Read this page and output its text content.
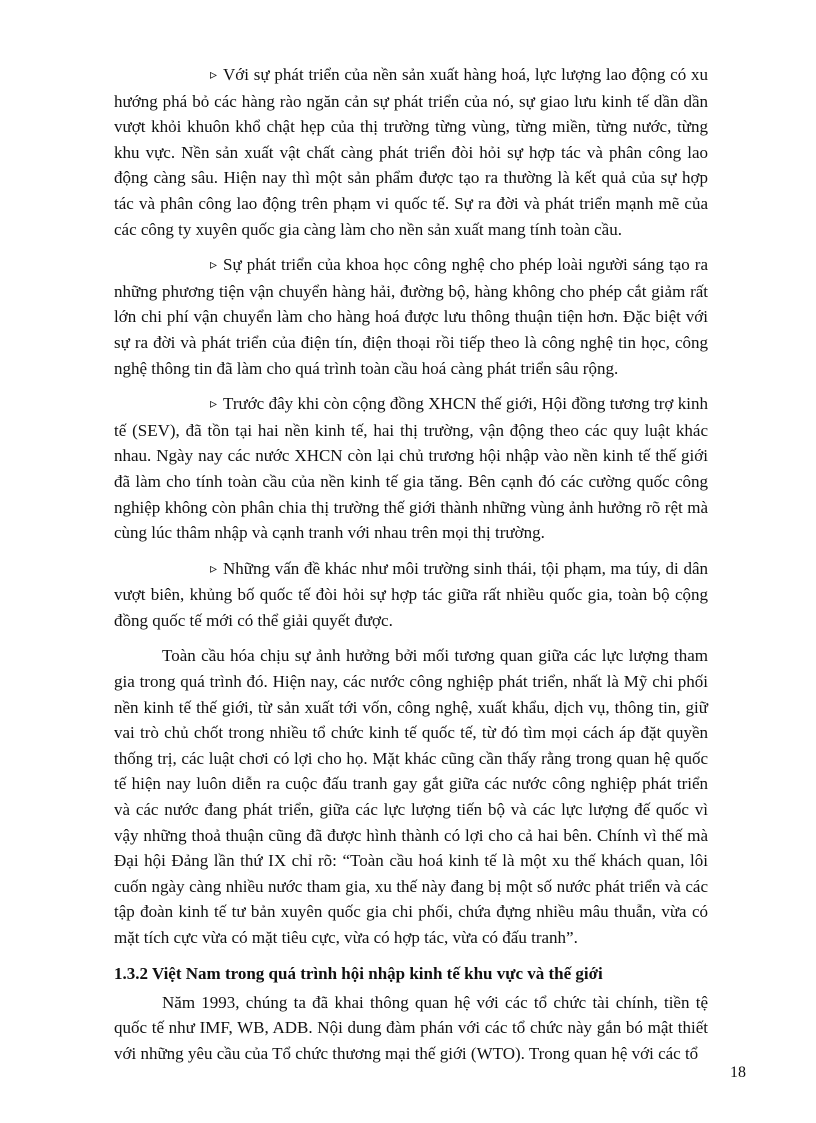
▹ Với sự phát triển của nền sản xuất hàng hoá, lực lượng lao động có xu hướng phá bỏ các hàng rào ngăn cản sự phát triển của nó, sự giao lưu kinh tế dần dần vượt khỏi khuôn khổ chật hẹp của thị trường từng vùng, từng miền, từng nước, từng khu vực. Nền sản xuất vật chất càng phát triển đòi hỏi sự hợp tác và phân công lao động càng sâu. Hiện nay thì một sản phẩm được tạo ra thường là kết quả của sự hợp tác và phân công lao động trên phạm vi quốc tế. Sự ra đời và phát triển mạnh mẽ của các công ty xuyên quốc gia càng làm cho nền sản xuất mang tính toàn cầu.

▹ Sự phát triển của khoa học công nghệ cho phép loài người sáng tạo ra những phương tiện vận chuyển hàng hải, đường bộ, hàng không cho phép cắt giảm rất lớn chi phí vận chuyển làm cho hàng hoá được lưu thông thuận tiện hơn. Đặc biệt với sự ra đời và phát triển của điện tín, điện thoại rồi tiếp theo là công nghệ tin học, công nghệ thông tin đã làm cho quá trình toàn cầu hoá càng phát triển sâu rộng.

▹ Trước đây khi còn cộng đồng XHCN thế giới, Hội đồng tương trợ kinh tế (SEV), đã tồn tại hai nền kinh tế, hai thị trường, vận động theo các quy luật khác nhau. Ngày nay các nước XHCN còn lại chủ trương hội nhập vào nền kinh tế thế giới đã làm cho tính toàn cầu của nền kinh tế gia tăng. Bên cạnh đó các cường quốc công nghiệp không còn phân chia thị trường thế giới thành những vùng ảnh hưởng rõ rệt mà cùng lúc thâm nhập và cạnh tranh với nhau trên mọi thị trường.

▹ Những vấn đề khác như môi trường sinh thái, tội phạm, ma túy, di dân vượt biên, khủng bố quốc tế đòi hỏi sự hợp tác giữa rất nhiều quốc gia, toàn bộ cộng đồng quốc tế mới có thể giải quyết được.

Toàn cầu hóa chịu sự ảnh hưởng bởi mối tương quan giữa các lực lượng tham gia trong quá trình đó. Hiện nay, các nước công nghiệp phát triển, nhất là Mỹ chi phối nền kinh tế thế giới, từ sản xuất tới vốn, công nghệ, xuất khẩu, dịch vụ, thông tin, giữ vai trò chủ chốt trong nhiều tổ chức kinh tế quốc tế, từ đó tìm mọi cách áp đặt quyền thống trị, các luật chơi có lợi cho họ. Mặt khác cũng cần thấy rằng trong quan hệ quốc tế hiện nay luôn diễn ra cuộc đấu tranh gay gắt giữa các nước công nghiệp phát triển và các nước đang phát triển, giữa các lực lượng tiến bộ và các lực lượng đế quốc vì vậy những thoả thuận cũng đã được hình thành có lợi cho cả hai bên. Chính vì thế mà Đại hội Đảng lần thứ IX chỉ rõ: “Toàn cầu hoá kinh tế là một xu thế khách quan, lôi cuốn ngày càng nhiều nước tham gia, xu thế này đang bị một số nước phát triển và các tập đoàn kinh tế tư bản xuyên quốc gia chi phối, chứa đựng nhiều mâu thuẫn, vừa có mặt tích cực vừa có mặt tiêu cực, vừa có hợp tác, vừa có đấu tranh”.

1.3.2 Việt Nam trong quá trình hội nhập kinh tế khu vực và thế giới

Năm 1993, chúng ta đã khai thông quan hệ với các tổ chức tài chính, tiền tệ quốc tế như IMF, WB, ADB. Nội dung đàm phán với các tổ chức này gắn bó mật thiết với những yêu cầu của Tổ chức thương mại thế giới (WTO). Trong quan hệ với các tổ

18
